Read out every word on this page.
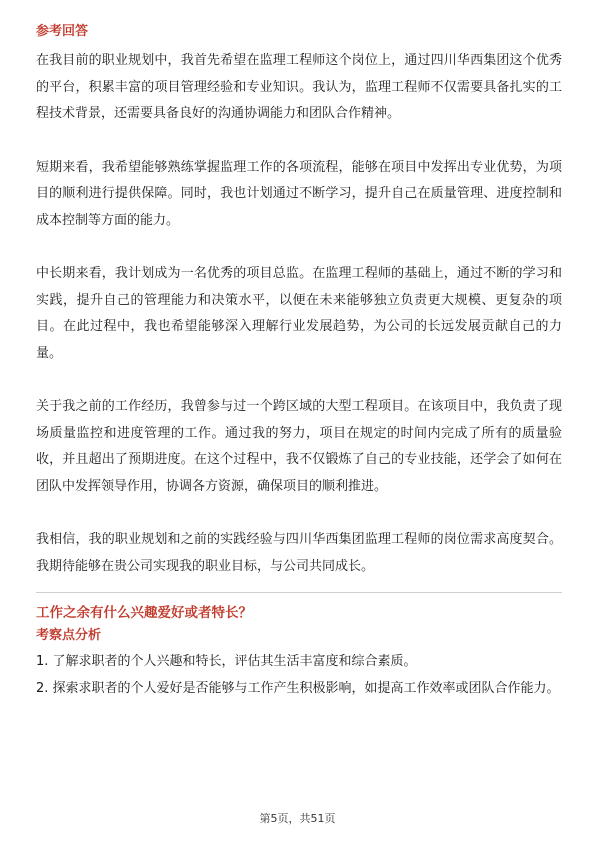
参考回答

在我目前的职业规划中，我首先希望在监理工程师这个岗位上，通过四川华西集团这个优秀的平台，积累丰富的项目管理经验和专业知识。我认为，监理工程师不仅需要具备扎实的工程技术背景，还需要具备良好的沟通协调能力和团队合作精神。

短期来看，我希望能够熟练掌握监理工作的各项流程，能够在项目中发挥出专业优势，为项目的顺利进行提供保障。同时，我也计划通过不断学习，提升自己在质量管理、进度控制和成本控制等方面的能力。

中长期来看，我计划成为一名优秀的项目总监。在监理工程师的基础上，通过不断的学习和实践，提升自己的管理能力和决策水平，以便在未来能够独立负责更大规模、更复杂的项目。在此过程中，我也希望能够深入理解行业发展趋势，为公司的长远发展贡献自己的力量。

关于我之前的工作经历，我曾参与过一个跨区域的大型工程项目。在该项目中，我负责了现场质量监控和进度管理的工作。通过我的努力，项目在规定的时间内完成了所有的质量验收，并且超出了预期进度。在这个过程中，我不仅锻炼了自己的专业技能，还学会了如何在团队中发挥领导作用，协调各方资源，确保项目的顺利推进。

我相信，我的职业规划和之前的实践经验与四川华西集团监理工程师的岗位需求高度契合。我期待能够在贵公司实现我的职业目标，与公司共同成长。

工作之余有什么兴趣爱好或者特长？

考察点分析

1. 了解求职者的个人兴趣和特长，评估其生活丰富度和综合素质。

2. 探索求职者的个人爱好是否能够与工作产生积极影响，如提高工作效率或团队合作能力。

第5页，共51页
